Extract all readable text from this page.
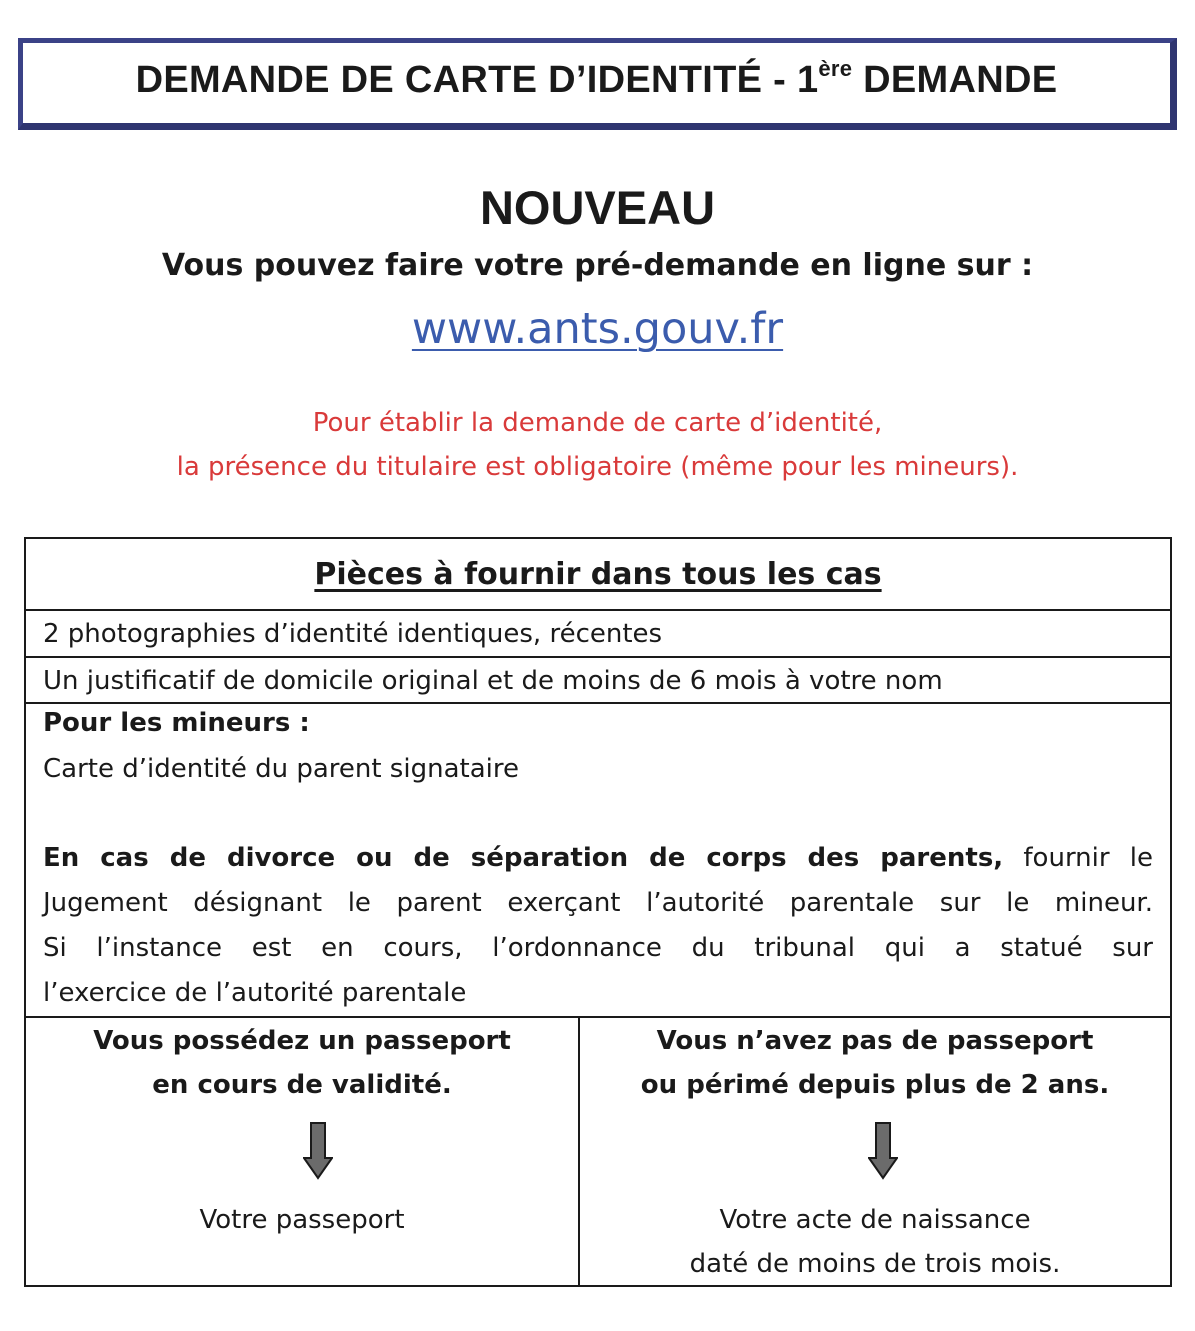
DEMANDE DE CARTE D’IDENTITÉ - 1ère DEMANDE
NOUVEAU
Vous pouvez faire votre pré-demande en ligne sur :
www.ants.gouv.fr
Pour établir la demande de carte d’identité,
la présence du titulaire est obligatoire (même pour les mineurs).
Pièces à fournir dans tous les cas
2 photographies d’identité identiques, récentes
Un justificatif de domicile original et de moins de 6 mois à votre nom
Pour les mineurs :
Carte d’identité du parent signataire
En cas de divorce ou de séparation de corps des parents, fournir le
Jugement désignant le parent exerçant l’autorité parentale sur le mineur.
Si l’instance est en cours, l’ordonnance du tribunal qui a statué sur
l’exercice de l’autorité parentale
Vous possédez un passeport
en cours de validité.
Votre passeport
Vous n’avez pas de passeport
ou périmé depuis plus de 2 ans.
Votre acte de naissance
daté de moins de trois mois.
